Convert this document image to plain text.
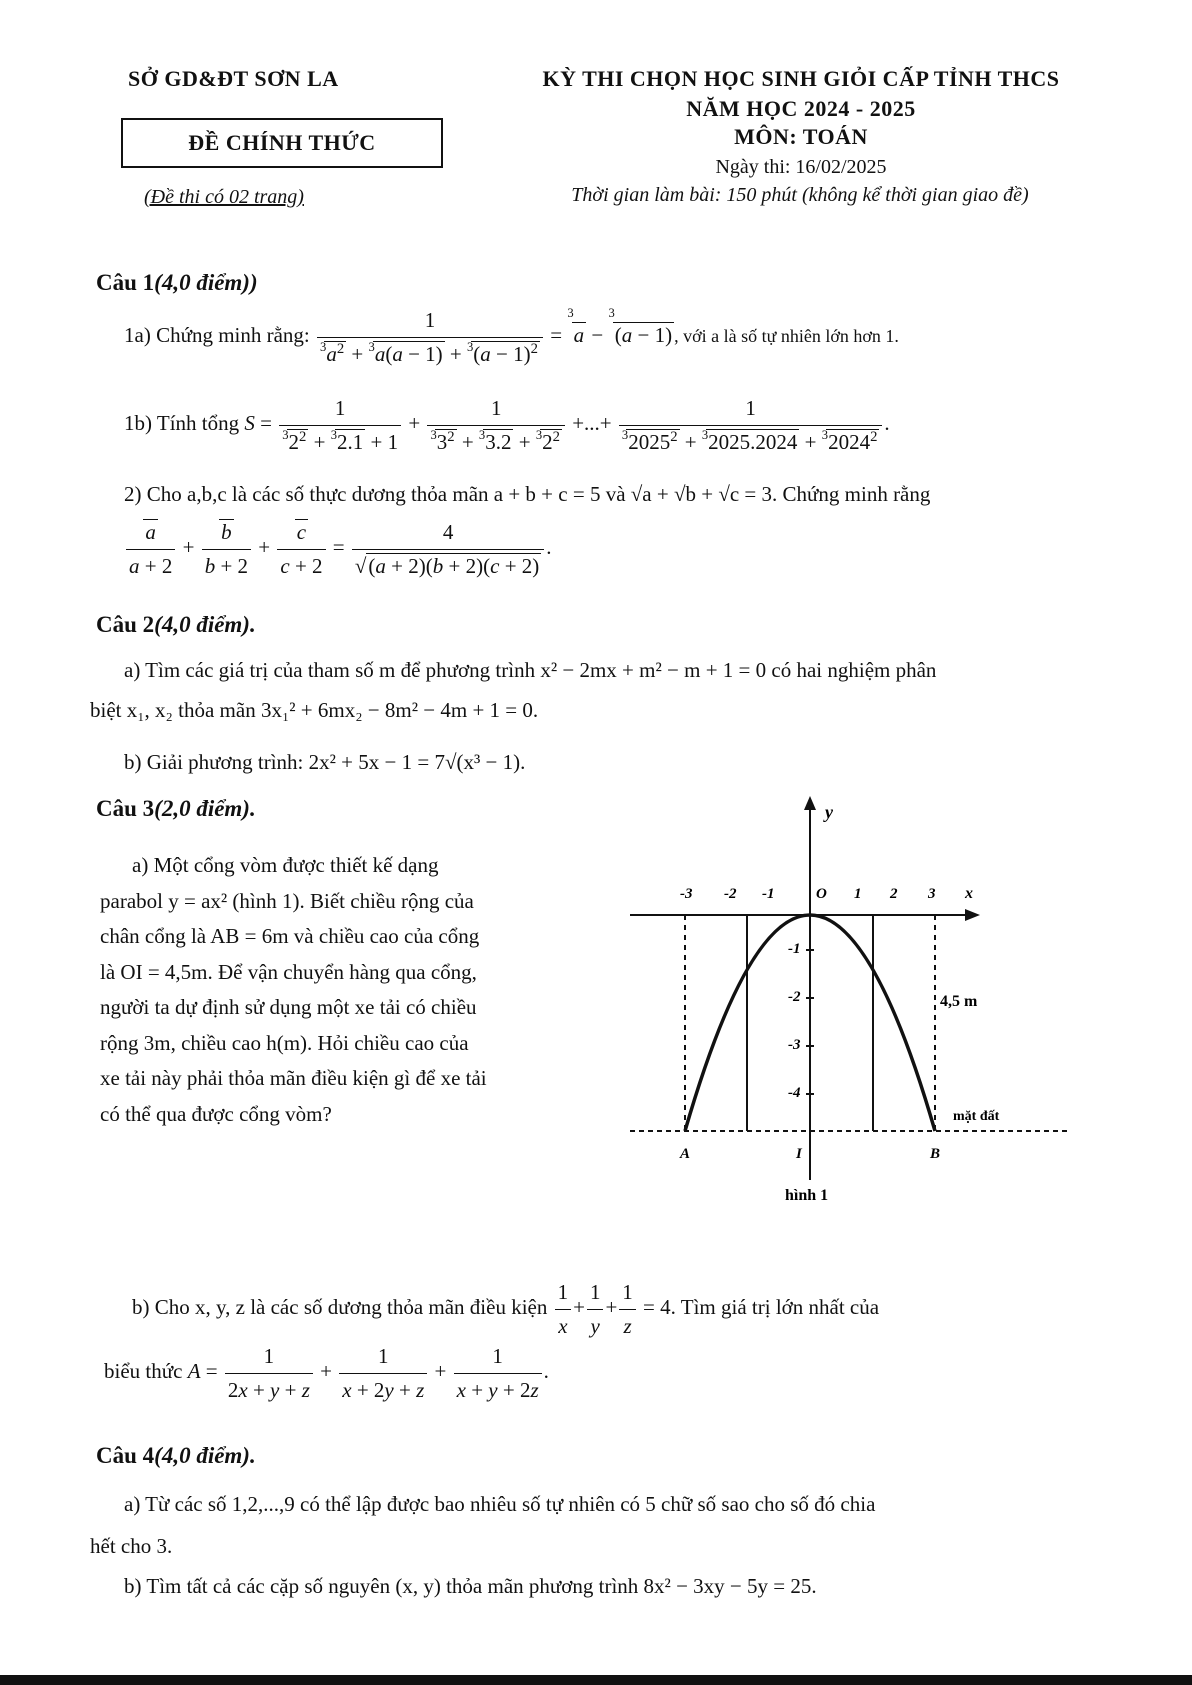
SỞ GD&ĐT SƠN LA
ĐỀ CHÍNH THỨC
(Đề thi có 02 trang)
KỲ THI CHỌN HỌC SINH GIỎI CẤP TỈNH THCS
NĂM HỌC 2024 - 2025
MÔN: TOÁN
Ngày thi: 16/02/2025
Thời gian làm bài: 150 phút (không kể thời gian giao đề)
Câu 1(4,0 điểm))
1a) Chứng minh rằng: $\frac{1}{^3a^2 + ^3a(a - 1) + ^3(a - 1)^2} = ^3a - ^3(a - 1)$ , với a là số tự nhiên lớn hơn 1.
1b) Tính tổng $S = \frac{1}{^32^2 + ^32.1 + 1} + \frac{1}{^33^2 + ^33.2 + ^32^2}$ +...+ $\frac{1}{^32025^2 + ^32025.2024 + ^32024^2}$ .
2) Cho a,b,c là các số thực dương thỏa mãn a + b + c = 5 và √a + √b + √c = 3. Chứng minh rằng
$\frac{a}{a + 2} + \frac{b}{b + 2} + \frac{c}{c + 2} = \frac{4}{√(a + 2)(b + 2)(c + 2)}$ .
Câu 2(4,0 điểm).
a) Tìm các giá trị của tham số m để phương trình x² − 2mx + m² − m + 1 = 0 có hai nghiệm phân
biệt x₁, x₂ thỏa mãn 3x₁² + 6mx₂ − 8m² − 4m + 1 = 0.
b) Giải phương trình: 2x² + 5x − 1 = 7√(x³ − 1).
Câu 3(2,0 điểm).
a) Một cổng vòm được thiết kế dạng
parabol y = ax² (hình 1). Biết chiều rộng của
chân cổng là AB = 6m và chiều cao của cổng
là OI = 4,5m. Để vận chuyển hàng qua cổng,
người ta dự định sử dụng một xe tải có chiều
rộng 3m, chiều cao h(m). Hỏi chiều cao của
xe tải này phải thỏa mãn điều kiện gì để xe tải
có thể qua được cổng vòm?
y
x
-3 -2 -1	O 1 2 3
-1
-2
-3
-4
4,5 m
mặt đất
A	I	B
hình 1
b) Cho x, y, z là các số dương thỏa mãn điều kiện $\frac{1}{x} + \frac{1}{y} + \frac{1}{z} = 4$. Tìm giá trị lớn nhất của
biểu thức $A = \frac{1}{2x + y + z} + \frac{1}{x + 2y + z} + \frac{1}{x + y + 2z}$ .
Câu 4(4,0 điểm).
a) Từ các số 1,2,...,9 có thể lập được bao nhiêu số tự nhiên có 5 chữ số sao cho số đó chia
hết cho 3.
b) Tìm tất cả các cặp số nguyên (x, y) thỏa mãn phương trình 8x² − 3xy − 5y = 25.
